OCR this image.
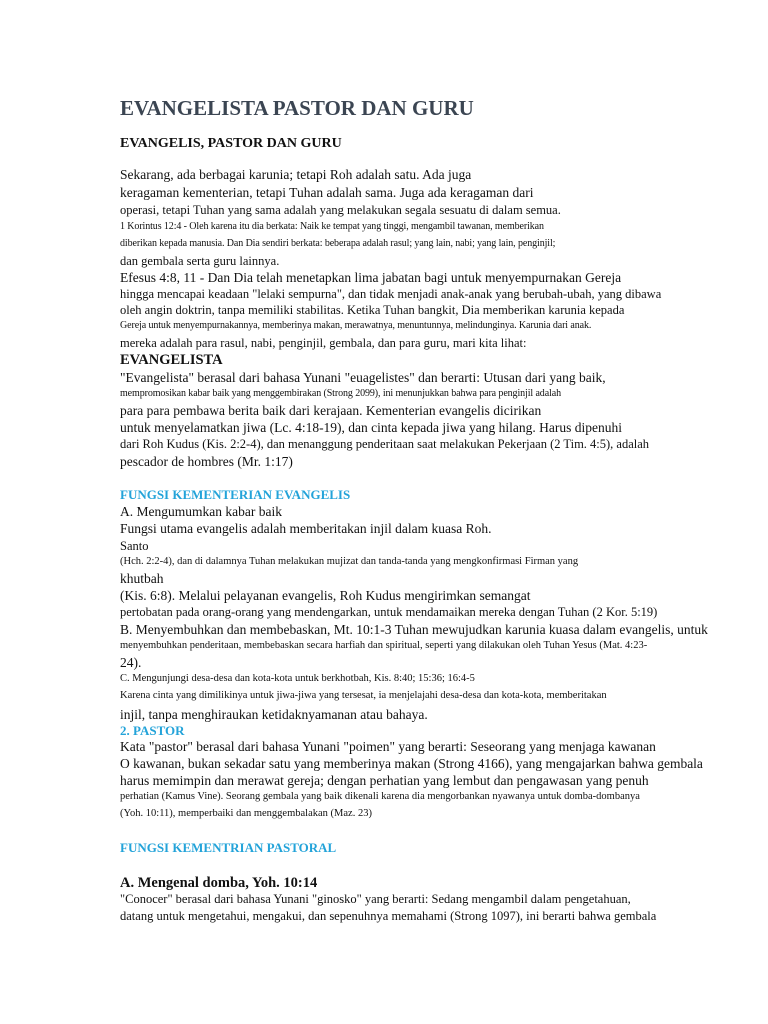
EVANGELISTA PASTOR DAN GURU
EVANGELIS, PASTOR DAN GURU
Sekarang, ada berbagai karunia; tetapi Roh adalah satu. Ada juga
keragaman kementerian, tetapi Tuhan adalah sama. Juga ada keragaman dari
operasi, tetapi Tuhan yang sama adalah yang melakukan segala sesuatu di dalam semua.
1 Korintus 12:4 - Oleh karena itu dia berkata: Naik ke tempat yang tinggi, mengambil tawanan, memberikan
diberikan kepada manusia. Dan Dia sendiri berkata: beberapa adalah rasul; yang lain, nabi; yang lain, penginjil;
dan gembala serta guru lainnya.
Efesus 4:8, 11 - Dan Dia telah menetapkan lima jabatan bagi untuk menyempurnakan Gereja
hingga mencapai keadaan "lelaki sempurna", dan tidak menjadi anak-anak yang berubah-ubah, yang dibawa
oleh angin doktrin, tanpa memiliki stabilitas. Ketika Tuhan bangkit, Dia memberikan karunia kepada
Gereja untuk menyempurnakannya, memberinya makan, merawatnya, menuntunnya, melindunginya. Karunia dari anak.
mereka adalah para rasul, nabi, penginjil, gembala, dan para guru, mari kita lihat:
EVANGELISTA
"Evangelista" berasal dari bahasa Yunani "euagelistes" dan berarti: Utusan dari yang baik,
mempromosikan kabar baik yang menggembirakan (Strong 2099), ini menunjukkan bahwa para penginjil adalah
para para pembawa berita baik dari kerajaan. Kementerian evangelis dicirikan
untuk menyelamatkan jiwa (Lc. 4:18-19), dan cinta kepada jiwa yang hilang. Harus dipenuhi
dari Roh Kudus (Kis. 2:2-4), dan menanggung penderitaan saat melakukan Pekerjaan (2 Tim. 4:5), adalah
pescador de hombres (Mr. 1:17)
FUNGSI KEMENTERIAN EVANGELIS
A. Mengumumkan kabar baik
Fungsi utama evangelis adalah memberitakan injil dalam kuasa Roh.
Santo
(Hch. 2:2-4), dan di dalamnya Tuhan melakukan mujizat dan tanda-tanda yang mengkonfirmasi Firman yang
khutbah
(Kis. 6:8). Melalui pelayanan evangelis, Roh Kudus mengirimkan semangat
pertobatan pada orang-orang yang mendengarkan, untuk mendamaikan mereka dengan Tuhan (2 Kor. 5:19)
B. Menyembuhkan dan membebaskan, Mt. 10:1-3 Tuhan mewujudkan karunia kuasa dalam evangelis, untuk
menyembuhkan penderitaan, membebaskan secara harfiah dan spiritual, seperti yang dilakukan oleh Tuhan Yesus (Mat. 4:23-
24).
C. Mengunjungi desa-desa dan kota-kota untuk berkhotbah, Kis. 8:40; 15:36; 16:4-5
Karena cinta yang dimilikinya untuk jiwa-jiwa yang tersesat, ia menjelajahi desa-desa dan kota-kota, memberitakan
injil, tanpa menghiraukan ketidaknyamanan atau bahaya.
2. PASTOR
Kata "pastor" berasal dari bahasa Yunani "poimen" yang berarti: Seseorang yang menjaga kawanan
O kawanan, bukan sekadar satu yang memberinya makan (Strong 4166), yang mengajarkan bahwa gembala
harus memimpin dan merawat gereja; dengan perhatian yang lembut dan pengawasan yang penuh
perhatian (Kamus Vine). Seorang gembala yang baik dikenali karena dia mengorbankan nyawanya untuk domba-dombanya
(Yoh. 10:11), memperbaiki dan menggembalakan (Maz. 23)
FUNGSI KEMENTRIAN PASTORAL
A. Mengenal domba, Yoh. 10:14
"Conocer" berasal dari bahasa Yunani "ginosko" yang berarti: Sedang mengambil dalam pengetahuan,
datang untuk mengetahui, mengakui, dan sepenuhnya memahami (Strong 1097), ini berarti bahwa gembala
